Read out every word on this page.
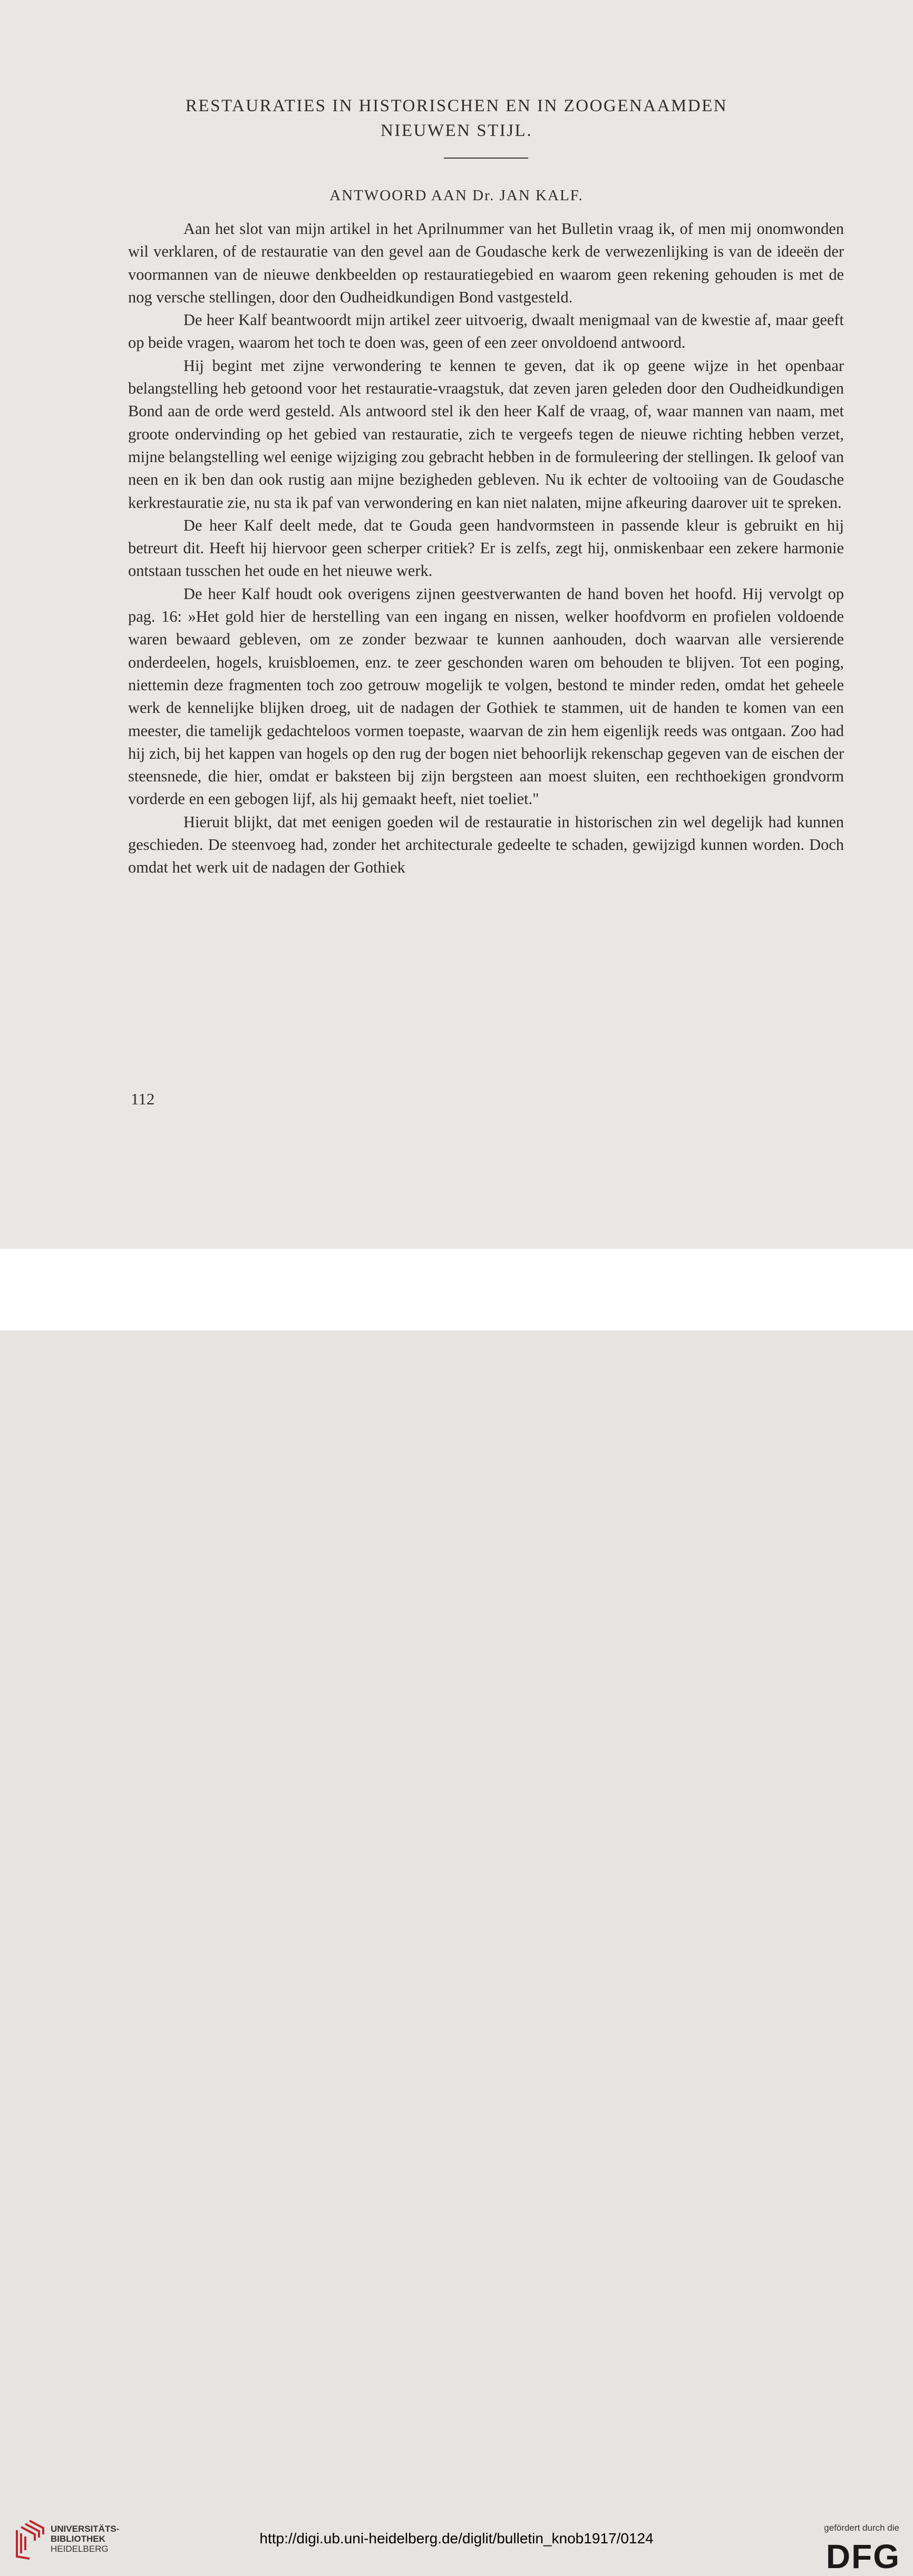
RESTAURATIES IN HISTORISCHEN EN IN ZOOGENAAMDEN
NIEUWEN STIJL.
ANTWOORD AAN Dr. JAN KALF.

Aan het slot van mijn artikel in het Aprilnummer van het Bulletin vraag ik, of men mij onomwonden wil verklaren, of de restauratie van den gevel aan de Goudasche kerk de verwezenlijking is van de ideeën der voormannen van de nieuwe denkbeelden op restauratiegebied en waarom geen rekening gehouden is met de nog versche stellingen, door den Oudheidkundigen Bond vastgesteld.

De heer Kalf beantwoordt mijn artikel zeer uitvoerig, dwaalt menigmaal van de kwestie af, maar geeft op beide vragen, waarom het toch te doen was, geen of een zeer onvoldoend antwoord.

Hij begint met zijne verwondering te kennen te geven, dat ik op geene wijze in het openbaar belangstelling heb getoond voor het restauratie-vraagstuk, dat zeven jaren geleden door den Oudheidkundigen Bond aan de orde werd gesteld. Als antwoord stel ik den heer Kalf de vraag, of, waar mannen van naam, met groote ondervinding op het gebied van restauratie, zich te vergeefs tegen de nieuwe richting hebben verzet, mijne belangstelling wel eenige wijziging zou gebracht hebben in de formuleering der stellingen. Ik geloof van neen en ik ben dan ook rustig aan mijne bezigheden gebleven. Nu ik echter de voltooiing van de Goudasche kerkrestauratie zie, nu sta ik paf van verwondering en kan niet nalaten, mijne afkeuring daarover uit te spreken.

De heer Kalf deelt mede, dat te Gouda geen handvormsteen in passende kleur is gebruikt en hij betreurt dit. Heeft hij hiervoor geen scherper critiek? Er is zelfs, zegt hij, onmiskenbaar een zekere harmonie ontstaan tusschen het oude en het nieuwe werk.

De heer Kalf houdt ook overigens zijnen geestverwanten de hand boven het hoofd. Hij vervolgt op pag. 16: »Het gold hier de herstelling van een ingang en nissen, welker hoofdvorm en profielen voldoende waren bewaard gebleven, om ze zonder bezwaar te kunnen aanhouden, doch waarvan alle versierende onderdeelen, hogels, kruisbloemen, enz. te zeer geschonden waren om behouden te blijven. Tot een poging, niettemin deze fragmenten toch zoo getrouw mogelijk te volgen, bestond te minder reden, omdat het geheele werk de kennelijke blijken droeg, uit de nadagen der Gothiek te stammen, uit de handen te komen van een meester, die tamelijk gedachteloos vormen toepaste, waarvan de zin hem eigenlijk reeds was ontgaan. Zoo had hij zich, bij het kappen van hogels op den rug der bogen niet behoorlijk rekenschap gegeven van de eischen der steensnede, die hier, omdat er baksteen bij zijn bergsteen aan moest sluiten, een rechthoekigen grondvorm vorderde en een gebogen lijf, als hij gemaakt heeft, niet toeliet."

Hieruit blijkt, dat met eenigen goeden wil de restauratie in historischen zin wel degelijk had kunnen geschieden. De steenvoeg had, zonder het architecturale gedeelte te schaden, gewijzigd kunnen worden. Doch omdat het werk uit de nadagen der Gothiek

112
UNIVERSITÄTS-
BIBLIOTHEK
HEIDELBERG
http://digi.ub.uni-heidelberg.de/diglit/bulletin_knob1917/0124
gefördert durch die
DFG
